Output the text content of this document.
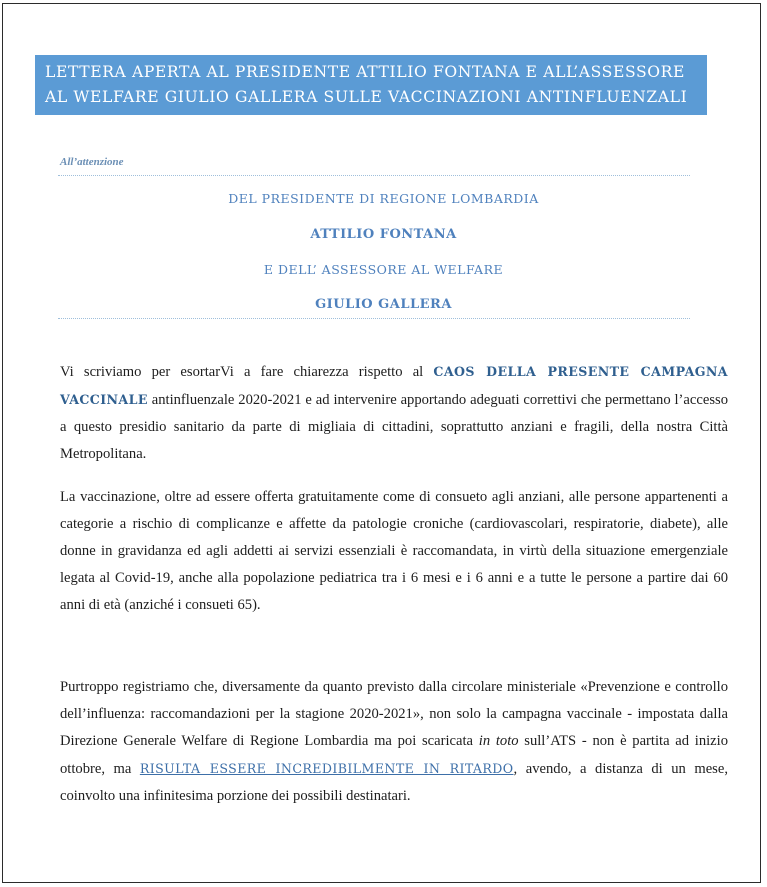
LETTERA APERTA AL PRESIDENTE ATTILIO FONTANA E ALL’ASSESSORE
AL WELFARE GIULIO GALLERA SULLE VACCINAZIONI ANTINFLUENZALI
All’attenzione
DEL PRESIDENTE DI REGIONE LOMBARDIA
ATTILIO FONTANA
E DELL’ ASSESSORE AL WELFARE
GIULIO GALLERA

Vi scriviamo per esortarVi a fare chiarezza rispetto al CAOS DELLA PRESENTE CAMPAGNA VACCINALE antinfluenzale 2020-2021 e ad intervenire apportando adeguati correttivi che permettano l’accesso a questo presidio sanitario da parte di migliaia di cittadini, soprattutto anziani e fragili, della nostra Città Metropolitana.

La vaccinazione, oltre ad essere offerta gratuitamente come di consueto agli anziani, alle persone appartenenti a categorie a rischio di complicanze e affette da patologie croniche (cardiovascolari, respiratorie, diabete), alle donne in gravidanza ed agli addetti ai servizi essenziali è raccomandata, in virtù della situazione emergenziale legata al Covid-19, anche alla popolazione pediatrica tra i 6 mesi e i 6 anni e a tutte le persone a partire dai 60 anni di età (anziché i consueti 65).

Purtroppo registriamo che, diversamente da quanto previsto dalla circolare ministeriale «Prevenzione e controllo dell’influenza: raccomandazioni per la stagione 2020-2021», non solo la campagna vaccinale - impostata dalla Direzione Generale Welfare di Regione Lombardia ma poi scaricata in toto sull’ATS - non è partita ad inizio ottobre, ma RISULTA ESSERE INCREDIBILMENTE IN RITARDO, avendo, a distanza di un mese, coinvolto una infinitesima porzione dei possibili destinatari.
